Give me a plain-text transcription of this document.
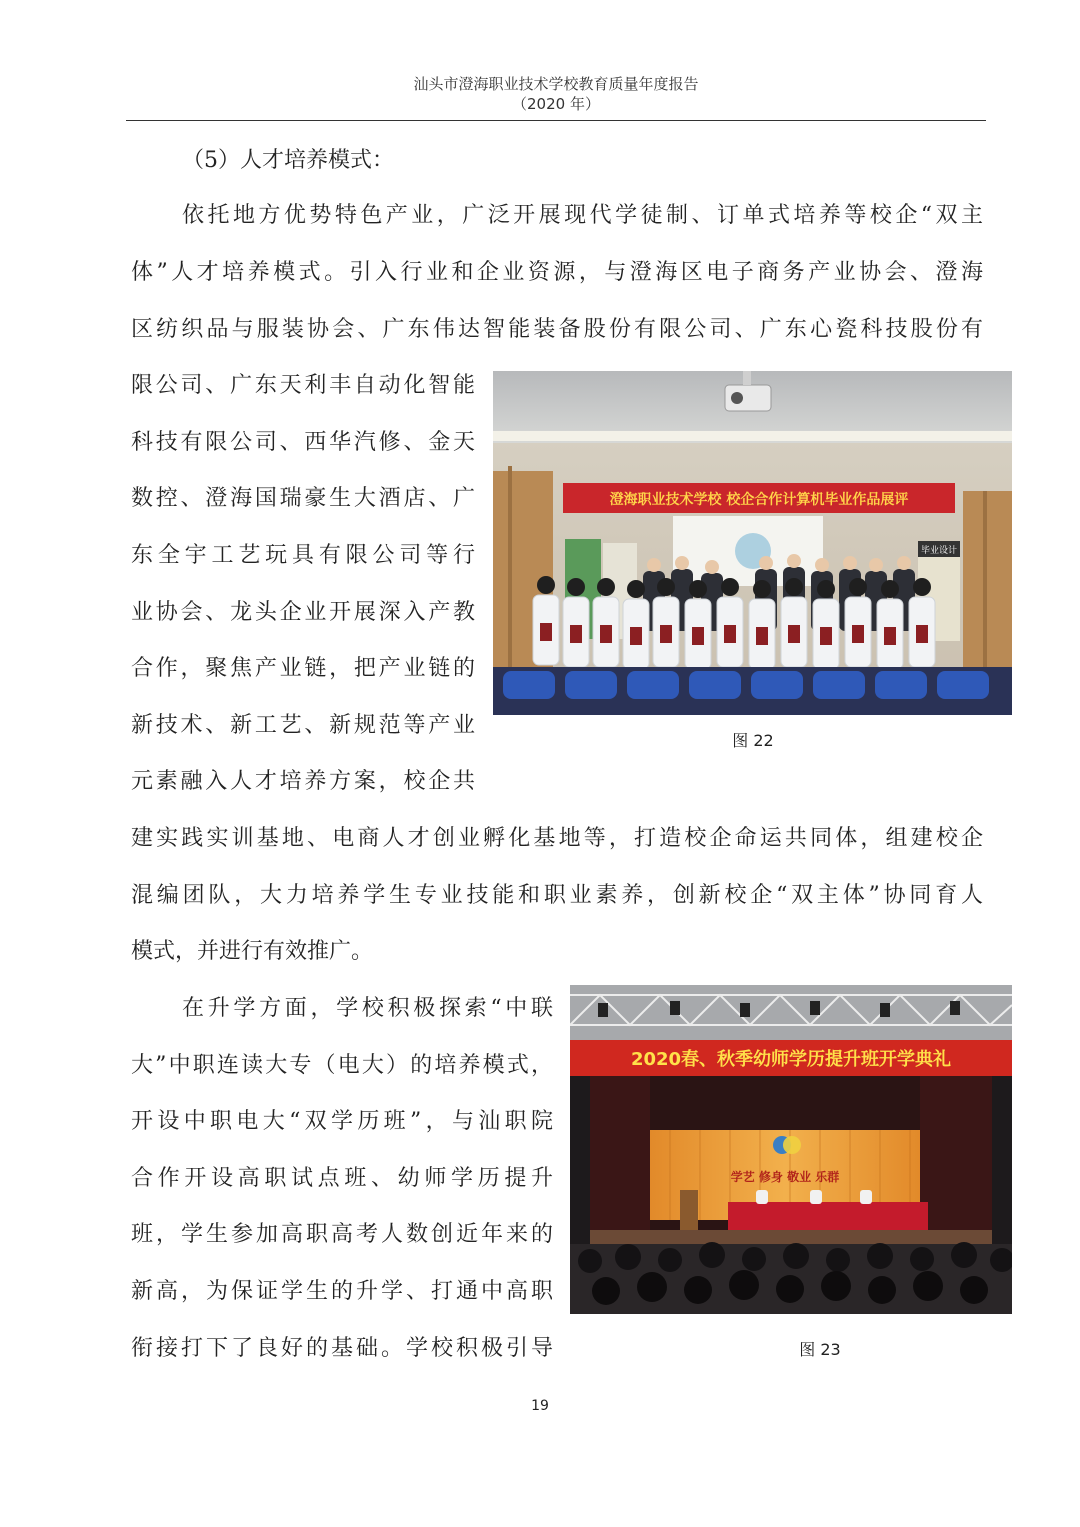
汕头市澄海职业技术学校教育质量年度报告
（2020 年）
（5）人才培养模式：
依托地方优势特色产业，广泛开展现代学徒制、订单式培养等校企“双主
体”人才培养模式。引入行业和企业资源，与澄海区电子商务产业协会、澄海
区纺织品与服装协会、广东伟达智能装备股份有限公司、广东心瓷科技股份有
限公司、广东天利丰自动化智能
科技有限公司、西华汽修、金天
数控、澄海国瑞豪生大酒店、广
东全宇工艺玩具有限公司等行
业协会、龙头企业开展深入产教
合作，聚焦产业链，把产业链的
新技术、新工艺、新规范等产业
元素融入人才培养方案，校企共
建实践实训基地、电商人才创业孵化基地等，打造校企命运共同体，组建校企
混编团队，大力培养学生专业技能和职业素养，创新校企“双主体”协同育人
模式，并进行有效推广。
在升学方面，学校积极探索“中联
大”中职连读大专（电大）的培养模式，
开设中职电大“双学历班”，与汕职院
合作开设高职试点班、幼师学历提升
班，学生参加高职高考人数创近年来的
新高，为保证学生的升学、打通中高职
衔接打下了良好的基础。学校积极引导
澄海职业技术学校 校企合作计算机毕业作品展评
毕业设计
图 22
2020春、秋季幼师学历提升班开学典礼
学艺 修身 敬业 乐群
图 23
19
